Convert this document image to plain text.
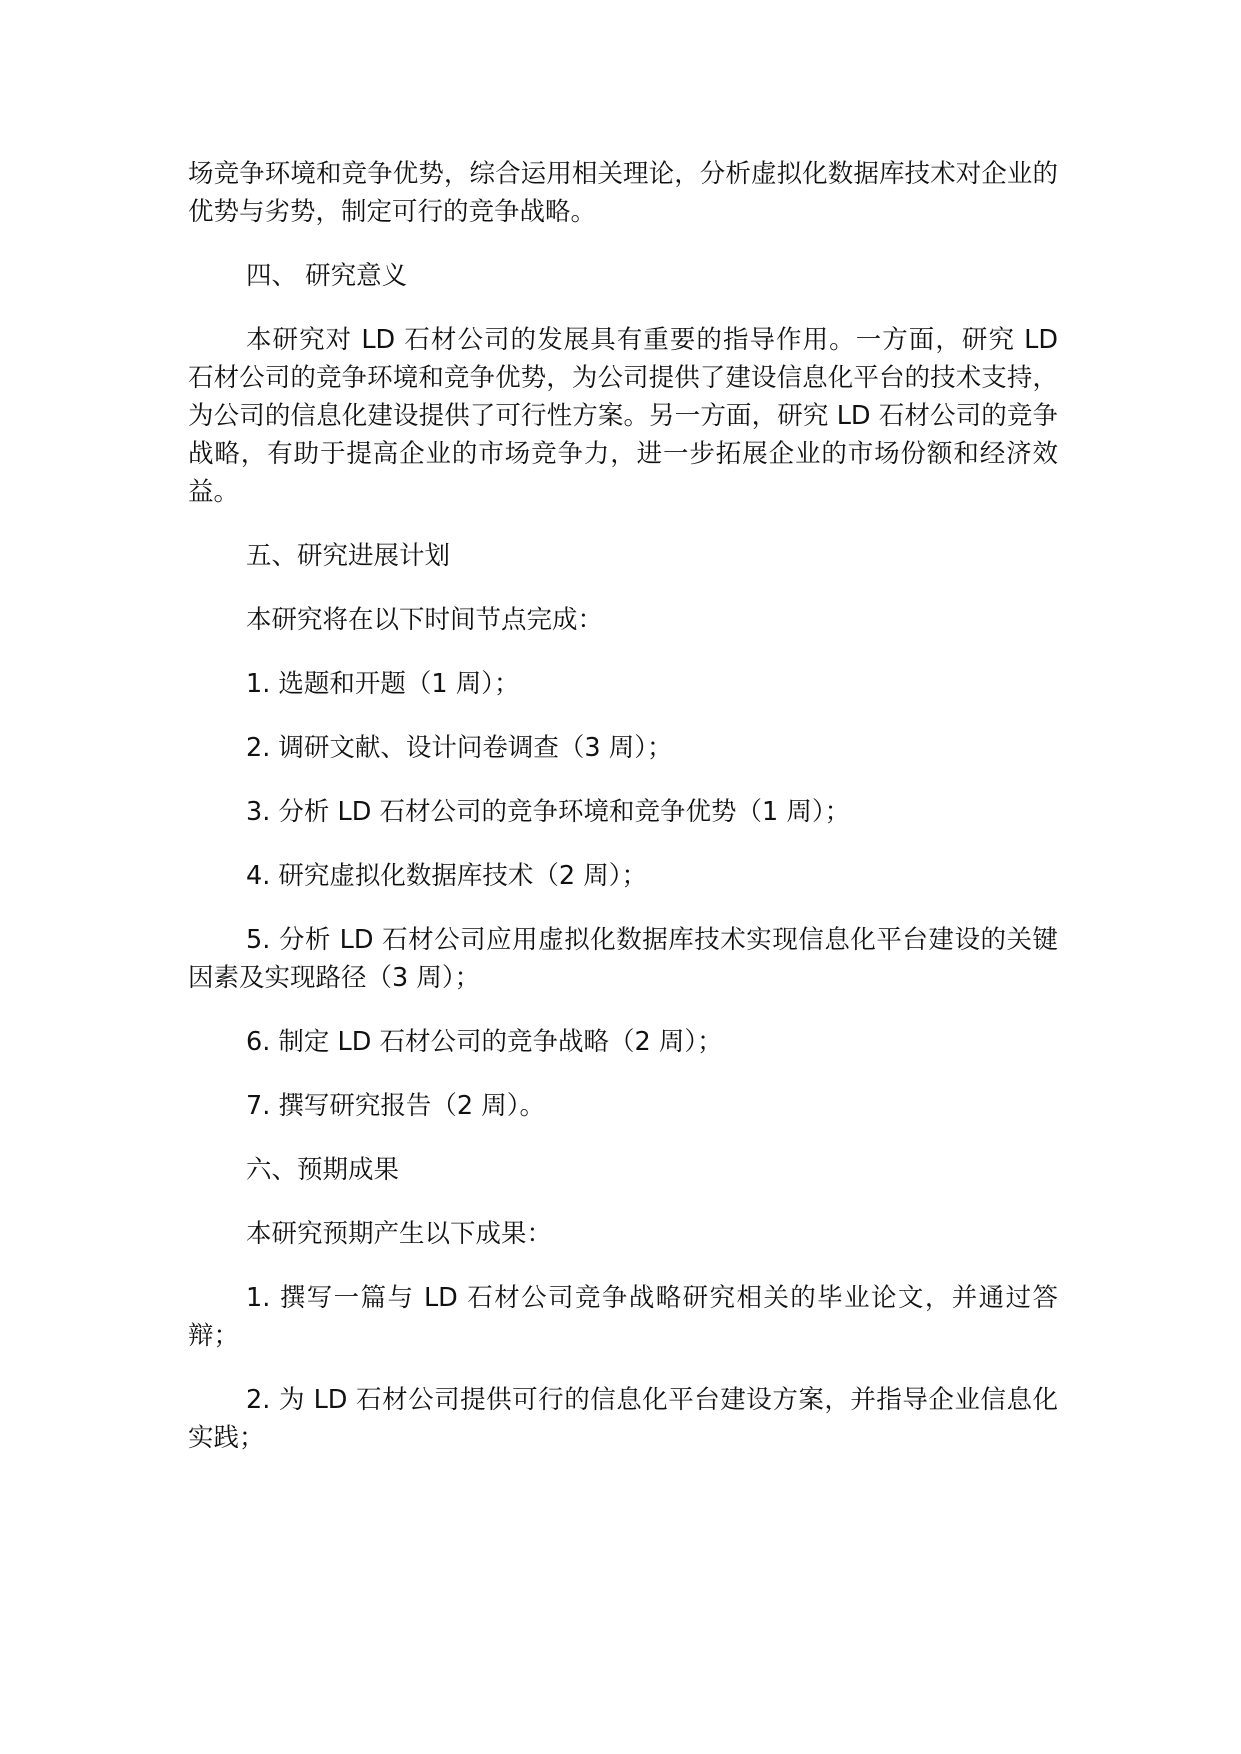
场竞争环境和竞争优势，综合运用相关理论，分析虚拟化数据库技术对企业的优势与劣势，制定可行的竞争战略。

四、 研究意义

本研究对 LD 石材公司的发展具有重要的指导作用。一方面，研究 LD 石材公司的竞争环境和竞争优势，为公司提供了建设信息化平台的技术支持，为公司的信息化建设提供了可行性方案。另一方面，研究 LD 石材公司的竞争战略，有助于提高企业的市场竞争力，进一步拓展企业的市场份额和经济效益。

五、研究进展计划

本研究将在以下时间节点完成：

1. 选题和开题（1 周）；

2. 调研文献、设计问卷调查（3 周）；

3. 分析 LD 石材公司的竞争环境和竞争优势（1 周）；

4. 研究虚拟化数据库技术（2 周）；

5. 分析 LD 石材公司应用虚拟化数据库技术实现信息化平台建设的关键因素及实现路径（3 周）；

6. 制定 LD 石材公司的竞争战略（2 周）；

7. 撰写研究报告（2 周）。

六、预期成果

本研究预期产生以下成果：

1. 撰写一篇与 LD 石材公司竞争战略研究相关的毕业论文，并通过答辩；

2. 为 LD 石材公司提供可行的信息化平台建设方案，并指导企业信息化实践；
